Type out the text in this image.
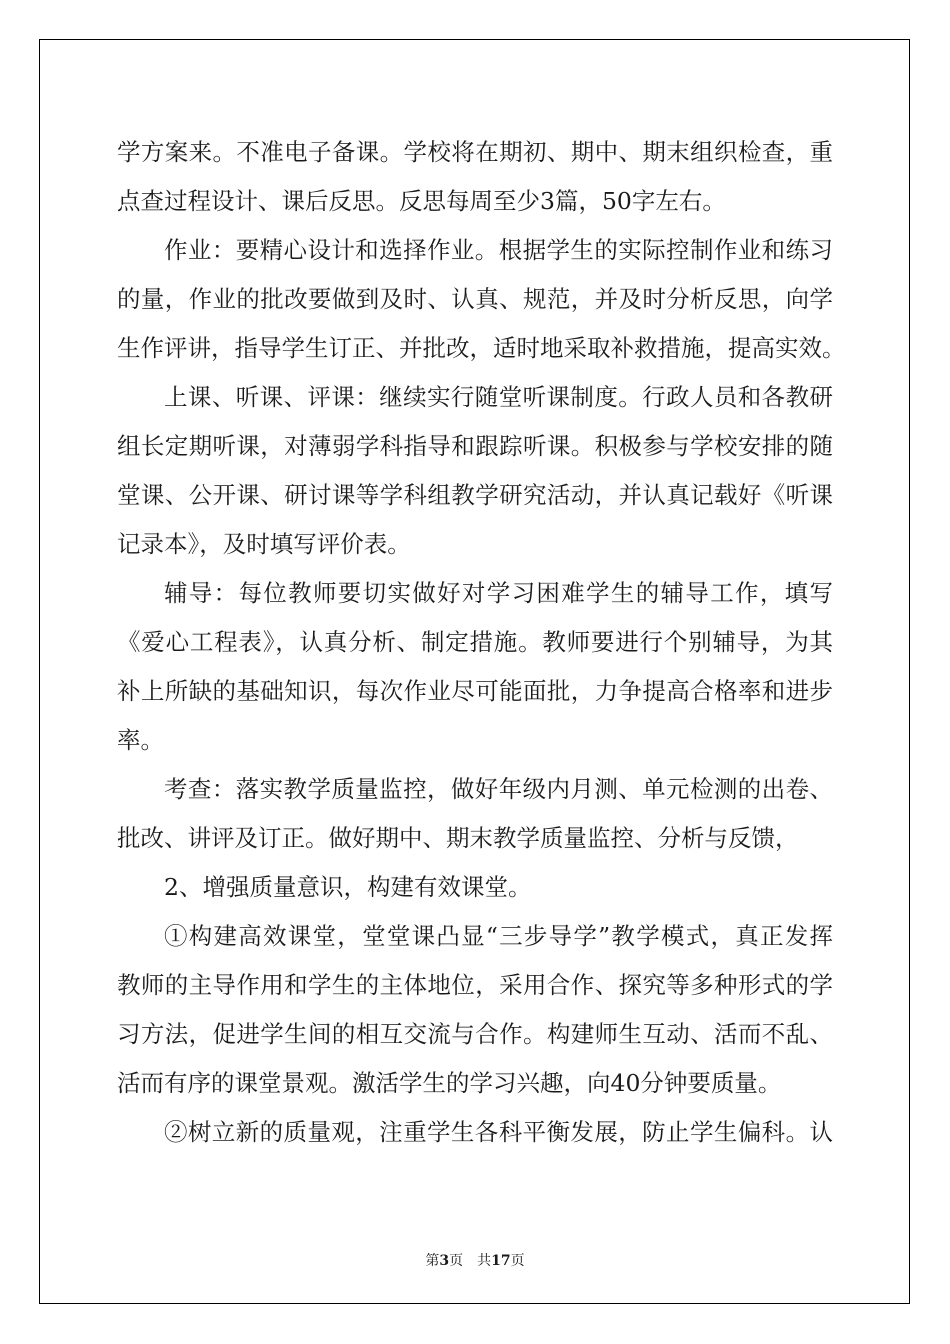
学方案来。不准电子备课。学校将在期初、期中、期末组织检查，重
点查过程设计、课后反思。反思每周至少3篇，50字左右。
作业：要精心设计和选择作业。根据学生的实际控制作业和练习
的量，作业的批改要做到及时、认真、规范，并及时分析反思，向学
生作评讲，指导学生订正、并批改，适时地采取补救措施，提高实效。
上课、听课、评课：继续实行随堂听课制度。行政人员和各教研
组长定期听课，对薄弱学科指导和跟踪听课。积极参与学校安排的随
堂课、公开课、研讨课等学科组教学研究活动，并认真记载好《听课
记录本》，及时填写评价表。
辅导：每位教师要切实做好对学习困难学生的辅导工作，填写
《爱心工程表》，认真分析、制定措施。教师要进行个别辅导，为其
补上所缺的基础知识，每次作业尽可能面批，力争提高合格率和进步
率。
考查：落实教学质量监控，做好年级内月测、单元检测的出卷、
批改、讲评及订正。做好期中、期末教学质量监控、分析与反馈，
2、增强质量意识，构建有效课堂。
①构建高效课堂，堂堂课凸显“三步导学”教学模式，真正发挥
教师的主导作用和学生的主体地位，采用合作、探究等多种形式的学
习方法，促进学生间的相互交流与合作。构建师生互动、活而不乱、
活而有序的课堂景观。激活学生的学习兴趣，向40分钟要质量。
②树立新的质量观，注重学生各科平衡发展，防止学生偏科。认
第3页　共17页
